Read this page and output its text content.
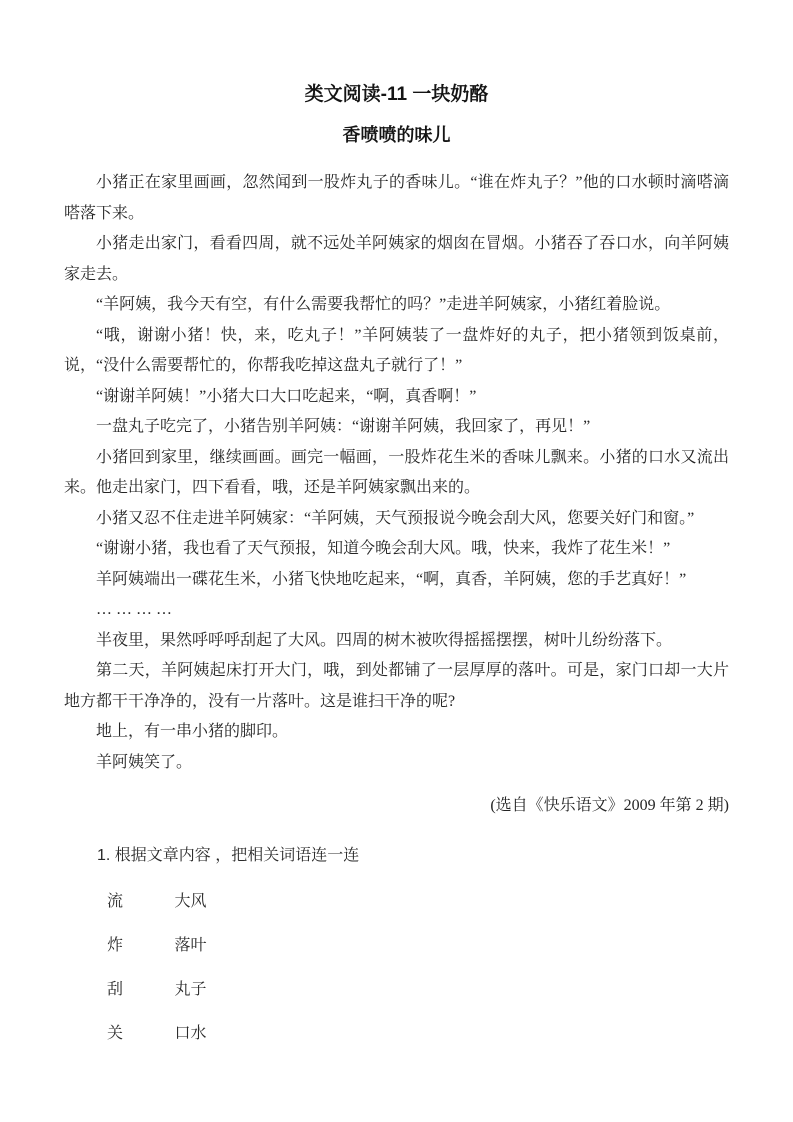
类文阅读-11 一块奶酪
香喷喷的味儿

小猪正在家里画画，忽然闻到一股炸丸子的香味儿。“谁在炸丸子？”他的口水顿时滴嗒滴嗒落下来。

小猪走出家门，看看四周，就不远处羊阿姨家的烟囱在冒烟。小猪吞了吞口水，向羊阿姨家走去。

“羊阿姨，我今天有空，有什么需要我帮忙的吗？”走进羊阿姨家，小猪红着脸说。

“哦，谢谢小猪！快，来，吃丸子！”羊阿姨装了一盘炸好的丸子，把小猪领到饭桌前，说，“没什么需要帮忙的，你帮我吃掉这盘丸子就行了！”

“谢谢羊阿姨！”小猪大口大口吃起来，“啊，真香啊！”

一盘丸子吃完了，小猪告别羊阿姨：“谢谢羊阿姨，我回家了，再见！”

小猪回到家里，继续画画。画完一幅画，一股炸花生米的香味儿飘来。小猪的口水又流出来。他走出家门，四下看看，哦，还是羊阿姨家飘出来的。

小猪又忍不住走进羊阿姨家：“羊阿姨，天气预报说今晚会刮大风，您要关好门和窗。”

“谢谢小猪，我也看了天气预报，知道今晚会刮大风。哦，快来，我炸了花生米！”

羊阿姨端出一碟花生米，小猪飞快地吃起来，“啊，真香，羊阿姨，您的手艺真好！”

… … … …

半夜里，果然呼呼呼刮起了大风。四周的树木被吹得摇摇摆摆，树叶儿纷纷落下。

第二天，羊阿姨起床打开大门，哦，到处都铺了一层厚厚的落叶。可是，家门口却一大片地方都干干净净的，没有一片落叶。这是谁扫干净的呢?

地上，有一串小猪的脚印。

羊阿姨笑了。

(选自《快乐语文》2009 年第 2 期)

1. 根据文章内容 ，把相关词语连一连

流	大风
炸	落叶
刮	丸子
关	口水
